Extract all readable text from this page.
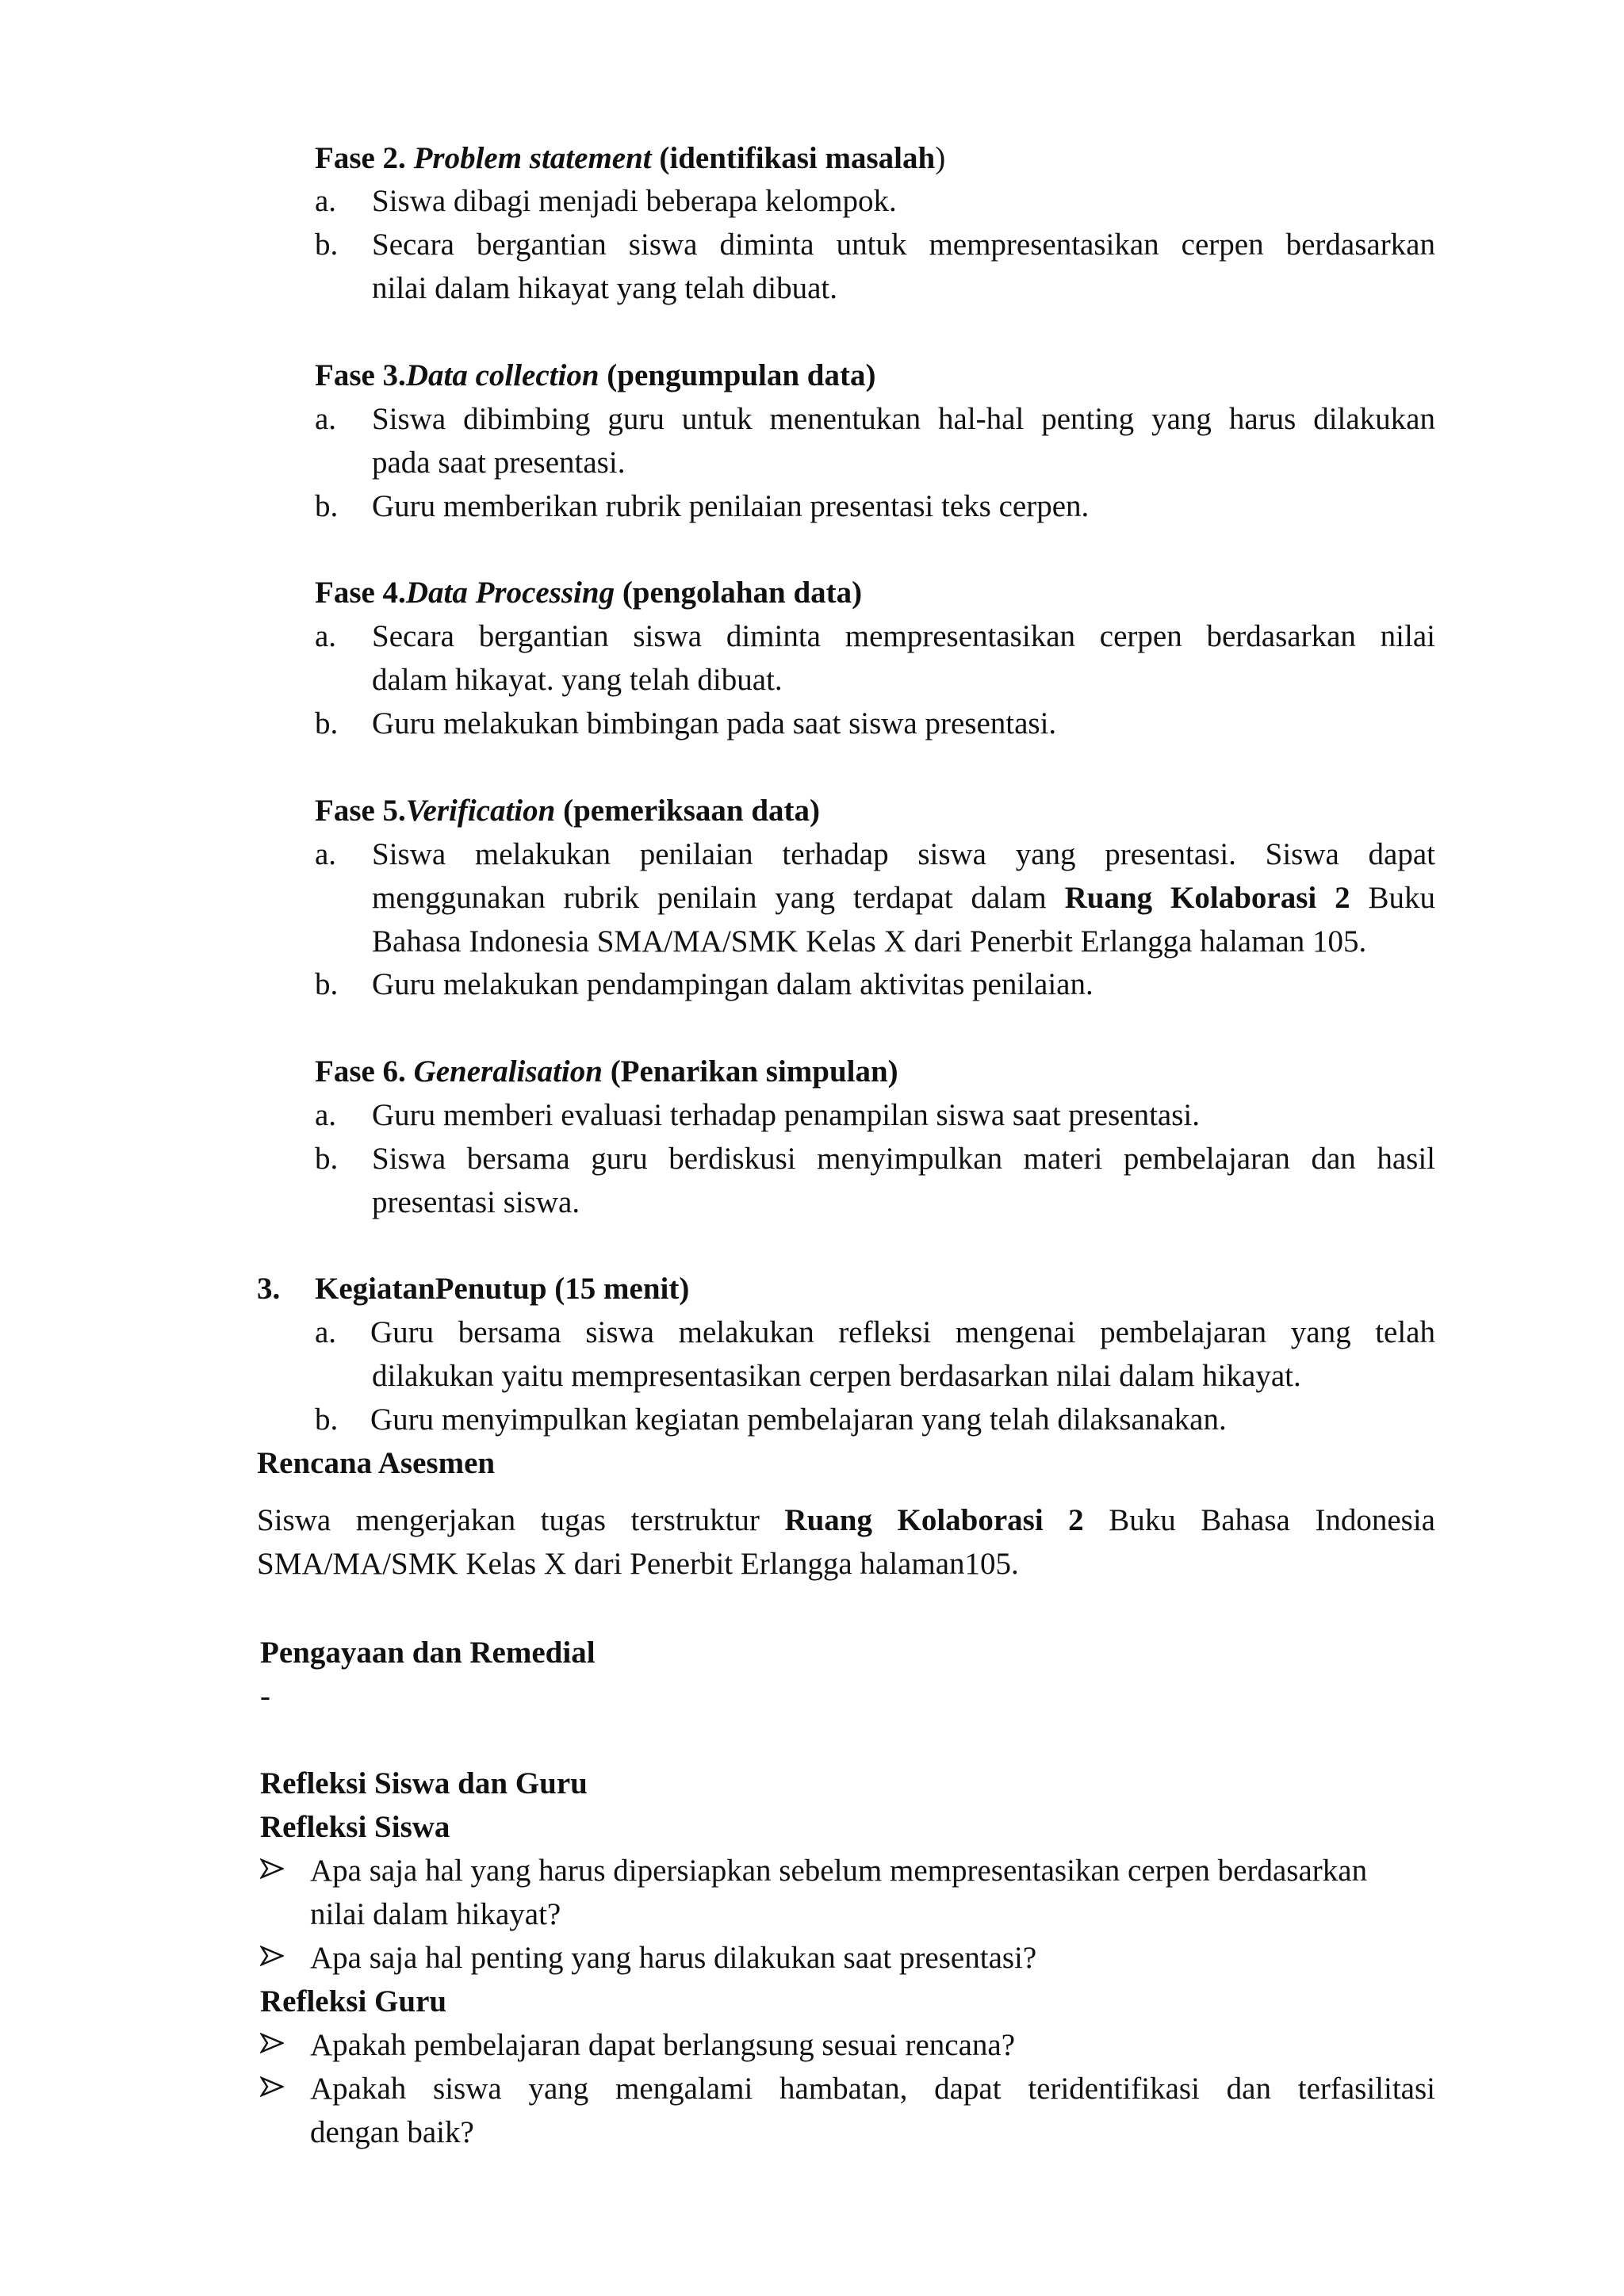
Fase 2. Problem statement (identifikasi masalah)
a. Siswa dibagi menjadi beberapa kelompok.
b. Secara bergantian siswa diminta untuk mempresentasikan cerpen berdasarkan
nilai dalam hikayat yang telah dibuat.
Fase 3.Data collection (pengumpulan data)
a. Siswa dibimbing guru untuk menentukan hal-hal penting yang harus dilakukan
pada saat presentasi.
b. Guru memberikan rubrik penilaian presentasi teks cerpen.
Fase 4.Data Processing (pengolahan data)
a. Secara bergantian siswa diminta mempresentasikan cerpen berdasarkan nilai
dalam hikayat. yang telah dibuat.
b. Guru melakukan bimbingan pada saat siswa presentasi.
Fase 5.Verification (pemeriksaan data)
a. Siswa melakukan penilaian terhadap siswa yang presentasi. Siswa dapat
menggunakan rubrik penilain yang terdapat dalam Ruang Kolaborasi 2 Buku
Bahasa Indonesia SMA/MA/SMK Kelas X dari Penerbit Erlangga halaman 105.
b. Guru melakukan pendampingan dalam aktivitas penilaian.
Fase 6. Generalisation (Penarikan simpulan)
a. Guru memberi evaluasi terhadap penampilan siswa saat presentasi.
b. Siswa bersama guru berdiskusi menyimpulkan materi pembelajaran dan hasil
presentasi siswa.
3. KegiatanPenutup (15 menit)
a. Guru bersama siswa melakukan refleksi mengenai pembelajaran yang telah
dilakukan yaitu mempresentasikan cerpen berdasarkan nilai dalam hikayat.
b. Guru menyimpulkan kegiatan pembelajaran yang telah dilaksanakan.
Rencana Asesmen
Siswa mengerjakan tugas terstruktur Ruang Kolaborasi 2 Buku Bahasa Indonesia
SMA/MA/SMK Kelas X dari Penerbit Erlangga halaman105.
Pengayaan dan Remedial
-
Refleksi Siswa dan Guru
Refleksi Siswa
Apa saja hal yang harus dipersiapkan sebelum mempresentasikan cerpen berdasarkan
nilai dalam hikayat?
Apa saja hal penting yang harus dilakukan saat presentasi?
Refleksi Guru
Apakah pembelajaran dapat berlangsung sesuai rencana?
Apakah siswa yang mengalami hambatan, dapat teridentifikasi dan terfasilitasi
dengan baik?
